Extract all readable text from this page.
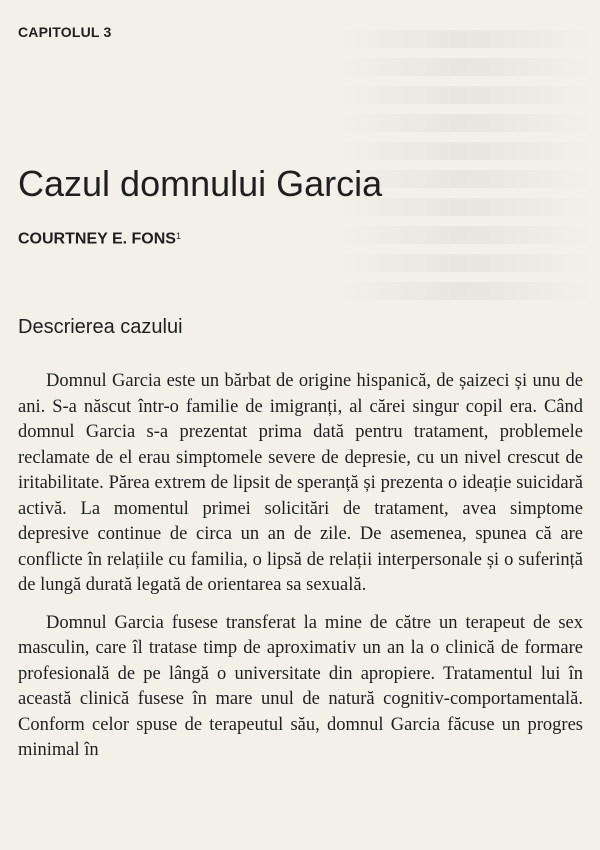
CAPITOLUL 3
Cazul domnului Garcia
COURTNEY E. FONS$^1$
Descrierea cazului

Domnul Garcia este un bărbat de origine hispanică, de șaizeci și unu de ani. S-a născut într-o familie de imigranți, al cărei singur copil era. Când domnul Garcia s-a prezentat prima dată pentru tratament, problemele reclamate de el erau simptomele severe de depresie, cu un nivel crescut de iritabilitate. Părea extrem de lipsit de speranță și prezenta o ideație suicidară activă. La momentul primei solicitări de tratament, avea simptome depresive continue de circa un an de zile. De asemenea, spunea că are conflicte în relațiile cu familia, o lipsă de relații interpersonale și o suferință de lungă durată legată de orientarea sa sexuală.

Domnul Garcia fusese transferat la mine de către un terapeut de sex masculin, care îl tratase timp de aproximativ un an la o clinică de formare profesională de pe lângă o universitate din apropiere. Tratamentul lui în această clinică fusese în mare unul de natură cognitiv-comportamentală. Conform celor spuse de terapeutul său, domnul Garcia făcuse un progres minimal în
